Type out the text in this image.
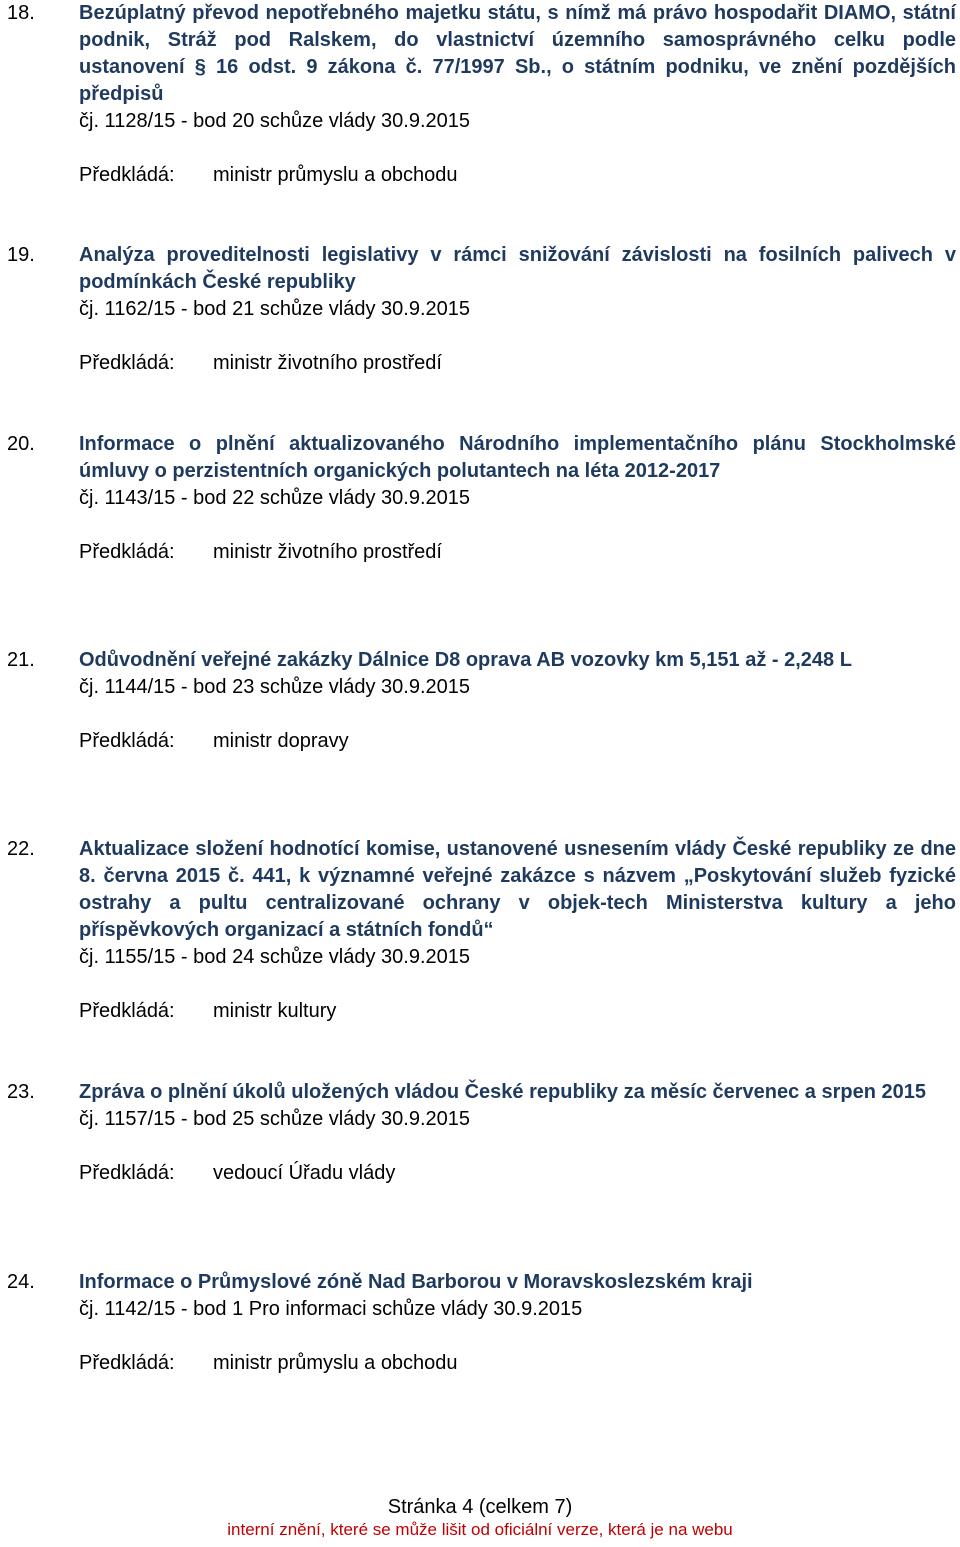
18. Bezúplatný převod nepotřebného majetku státu, s nímž má právo hospodařit DIAMO, státní podnik, Stráž pod Ralskem, do vlastnictví územního samosprávného celku podle ustanovení § 16 odst. 9 zákona č. 77/1997 Sb., o státním podniku, ve znění pozdějších předpisů

čj. 1128/15 - bod 20 schůze vlády 30.9.2015

Předkládá: ministr průmyslu a obchodu
19. Analýza proveditelnosti legislativy v rámci snižování závislosti na fosilních palivech v podmínkách České republiky

čj. 1162/15 - bod 21 schůze vlády 30.9.2015

Předkládá: ministr životního prostředí
20. Informace o plnění aktualizovaného Národního implementačního plánu Stockholmské úmluvy o perzistentních organických polutantech na léta 2012-2017

čj. 1143/15 - bod 22 schůze vlády 30.9.2015

Předkládá: ministr životního prostředí
21. Odůvodnění veřejné zakázky Dálnice D8 oprava AB vozovky km 5,151 až - 2,248 L

čj. 1144/15 - bod 23 schůze vlády 30.9.2015

Předkládá: ministr dopravy
22. Aktualizace složení hodnotící komise, ustanovené usnesením vlády České republiky ze dne 8. června 2015 č. 441, k významné veřejné zakázce s názvem „Poskytování služeb fyzické ostrahy a pultu centralizované ochrany v objek-tech Ministerstva kultury a jeho příspěvkových organizací a státních fondů“

čj. 1155/15 - bod 24 schůze vlády 30.9.2015

Předkládá: ministr kultury
23. Zpráva o plnění úkolů uložených vládou České republiky za měsíc červenec a srpen 2015

čj. 1157/15 - bod 25 schůze vlády 30.9.2015

Předkládá: vedoucí Úřadu vlády
24. Informace o Průmyslové zóně Nad Barborou v Moravskoslezském kraji

čj. 1142/15 - bod 1 Pro informaci schůze vlády 30.9.2015

Předkládá: ministr průmyslu a obchodu
Stránka 4 (celkem 7)
interní znění, které se může lišit od oficiální verze, která je na webu
